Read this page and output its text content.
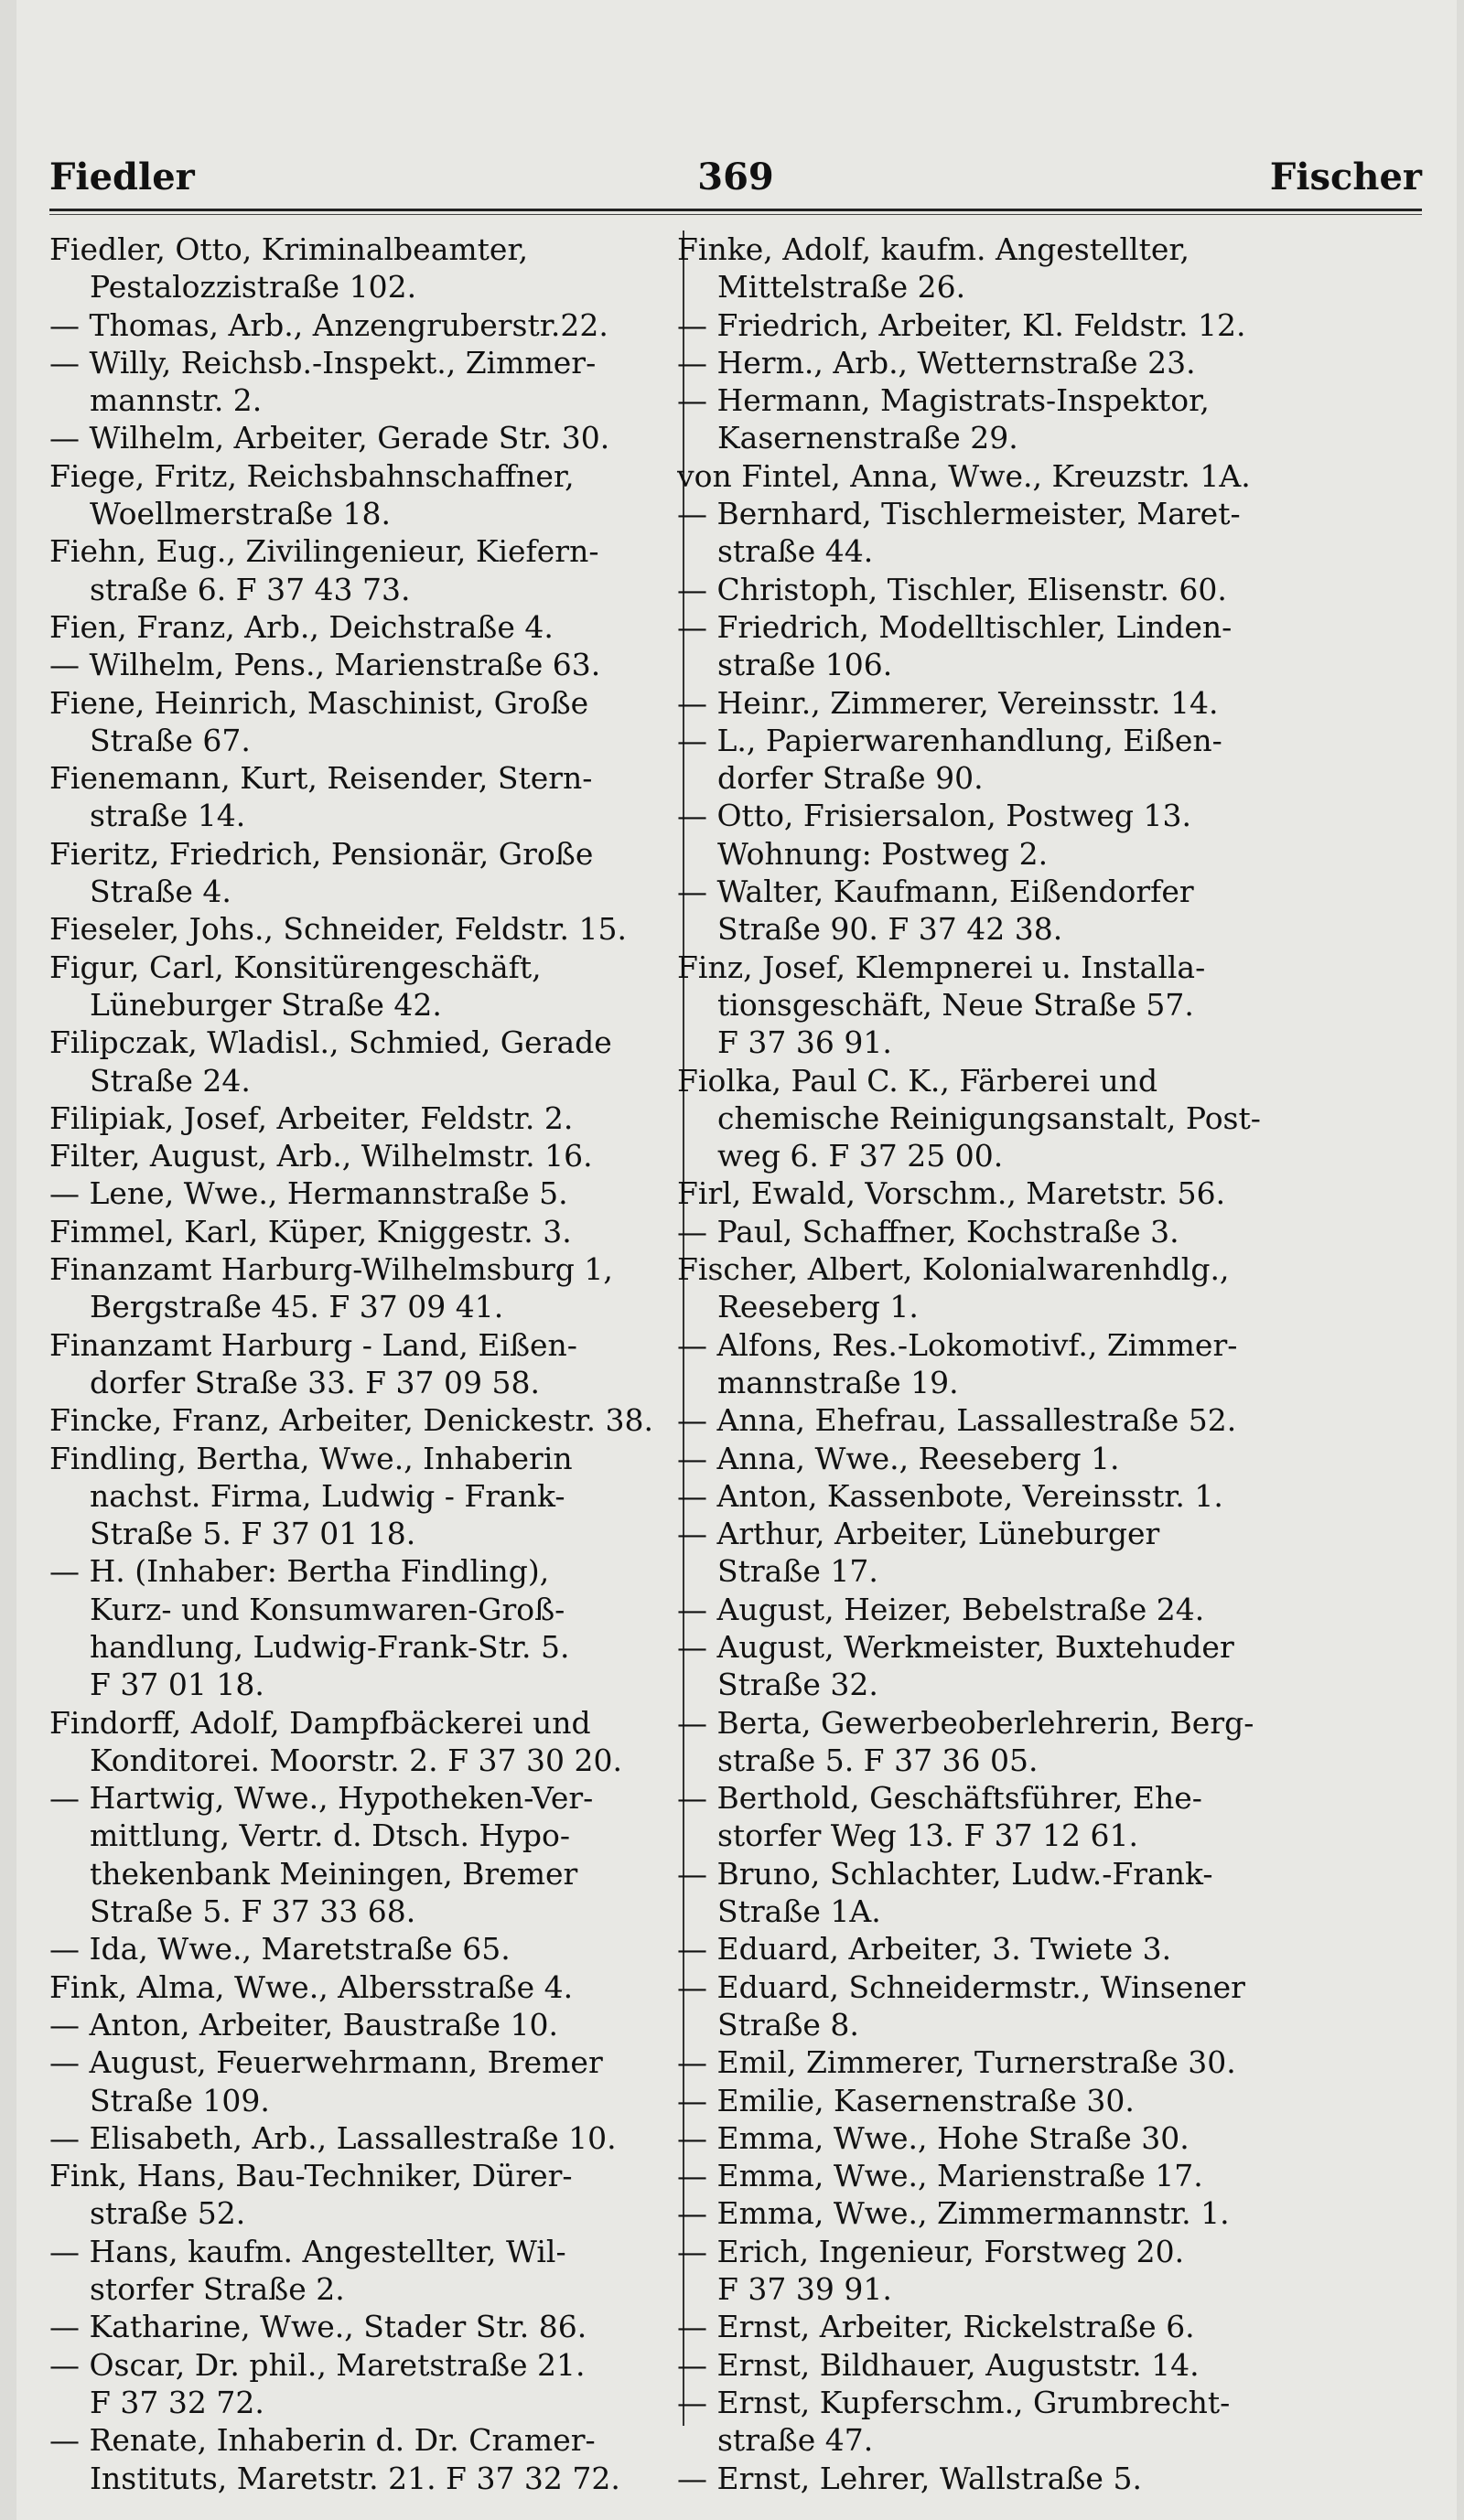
Fiedler	369	Fischer
Fiedler, Otto, Kriminalbeamter,
Pestalozzistraße 102.
— Thomas, Arb., Anzengruberstr.22.
— Willy, Reichsb.-Inspekt., Zimmer-
mannstr. 2.
— Wilhelm, Arbeiter, Gerade Str. 30.
Fiege, Fritz, Reichsbahnschaffner,
Woellmerstraße 18.
Fiehn, Eug., Zivilingenieur, Kiefern-
straße 6. F 37 43 73.
Fien, Franz, Arb., Deichstraße 4.
— Wilhelm, Pens., Marienstraße 63.
Fiene, Heinrich, Maschinist, Große
Straße 67.
Fienemann, Kurt, Reisender, Stern-
straße 14.
Fieritz, Friedrich, Pensionär, Große
Straße 4.
Fieseler, Johs., Schneider, Feldstr. 15.
Figur, Carl, Konsitürengeschäft,
Lüneburger Straße 42.
Filipczak, Wladisl., Schmied, Gerade
Straße 24.
Filipiak, Josef, Arbeiter, Feldstr. 2.
Filter, August, Arb., Wilhelmstr. 16.
— Lene, Wwe., Hermannstraße 5.
Fimmel, Karl, Küper, Kniggestr. 3.
Finanzamt Harburg-Wilhelmsburg 1,
Bergstraße 45. F 37 09 41.
Finanzamt Harburg - Land, Eißen-
dorfer Straße 33. F 37 09 58.
Fincke, Franz, Arbeiter, Denickestr. 38.
Findling, Bertha, Wwe., Inhaberin
nachst. Firma, Ludwig - Frank-
Straße 5. F 37 01 18.
— H. (Inhaber: Bertha Findling),
Kurz- und Konsumwaren-Groß-
handlung, Ludwig-Frank-Str. 5.
F 37 01 18.
Findorff, Adolf, Dampfbäckerei und
Konditorei. Moorstr. 2. F 37 30 20.
— Hartwig, Wwe., Hypotheken-Ver-
mittlung, Vertr. d. Dtsch. Hypo-
thekenbank Meiningen, Bremer
Straße 5. F 37 33 68.
— Ida, Wwe., Maretstraße 65.
Fink, Alma, Wwe., Albersstraße 4.
— Anton, Arbeiter, Baustraße 10.
— August, Feuerwehrmann, Bremer
Straße 109.
— Elisabeth, Arb., Lassallestraße 10.
Fink, Hans, Bau-Techniker, Dürer-
straße 52.
— Hans, kaufm. Angestellter, Wil-
storfer Straße 2.
— Katharine, Wwe., Stader Str. 86.
— Oscar, Dr. phil., Maretstraße 21.
F 37 32 72.
— Renate, Inhaberin d. Dr. Cramer-
Instituts, Maretstr. 21. F 37 32 72.
Finke, Adolf, kaufm. Angestellter,
Mittelstraße 26.
— Friedrich, Arbeiter, Kl. Feldstr. 12.
— Herm., Arb., Wetternstraße 23.
— Hermann, Magistrats-Inspektor,
Kasernenstraße 29.
von Fintel, Anna, Wwe., Kreuzstr. 1A.
— Bernhard, Tischlermeister, Maret-
straße 44.
— Christoph, Tischler, Elisenstr. 60.
— Friedrich, Modelltischler, Linden-
straße 106.
— Heinr., Zimmerer, Vereinsstr. 14.
— L., Papierwarenhandlung, Eißen-
dorfer Straße 90.
— Otto, Frisiersalon, Postweg 13.
Wohnung: Postweg 2.
— Walter, Kaufmann, Eißendorfer
Straße 90. F 37 42 38.
Finz, Josef, Klempnerei u. Installa-
tionsgeschäft, Neue Straße 57.
F 37 36 91.
Fiolka, Paul C. K., Färberei und
chemische Reinigungsanstalt, Post-
weg 6. F 37 25 00.
Firl, Ewald, Vorschm., Maretstr. 56.
— Paul, Schaffner, Kochstraße 3.
Fischer, Albert, Kolonialwarenhdlg.,
Reeseberg 1.
— Alfons, Res.-Lokomotivf., Zimmer-
mannstraße 19.
— Anna, Ehefrau, Lassallestraße 52.
— Anna, Wwe., Reeseberg 1.
— Anton, Kassenbote, Vereinsstr. 1.
— Arthur, Arbeiter, Lüneburger
Straße 17.
— August, Heizer, Bebelstraße 24.
— August, Werkmeister, Buxtehuder
Straße 32.
— Berta, Gewerbeoberlehrerin, Berg-
straße 5. F 37 36 05.
— Berthold, Geschäftsführer, Ehe-
storfer Weg 13. F 37 12 61.
— Bruno, Schlachter, Ludw.-Frank-
Straße 1A.
— Eduard, Arbeiter, 3. Twiete 3.
— Eduard, Schneidermstr., Winsener
Straße 8.
— Emil, Zimmerer, Turnerstraße 30.
— Emilie, Kasernenstraße 30.
— Emma, Wwe., Hohe Straße 30.
— Emma, Wwe., Marienstraße 17.
— Emma, Wwe., Zimmermannstr. 1.
— Erich, Ingenieur, Forstweg 20.
F 37 39 91.
— Ernst, Arbeiter, Rickelstraße 6.
— Ernst, Bildhauer, Auguststr. 14.
— Ernst, Kupferschm., Grumbrecht-
straße 47.
— Ernst, Lehrer, Wallstraße 5.
